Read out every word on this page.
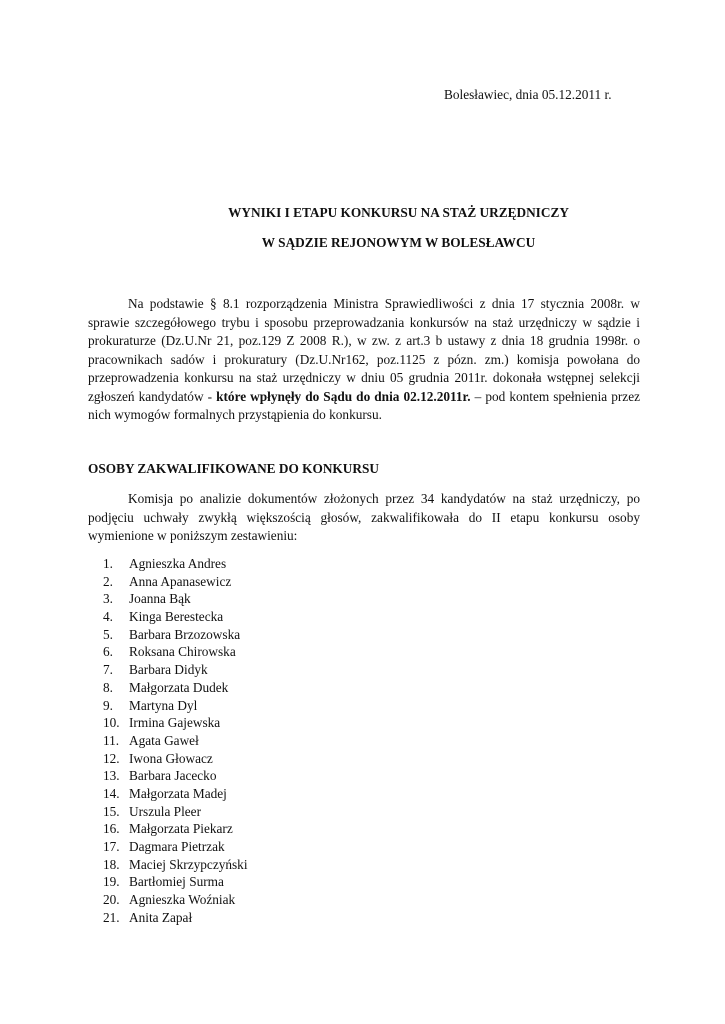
Bolesławiec, dnia 05.12.2011 r.
WYNIKI I ETAPU KONKURSU NA STAŻ URZĘDNICZY
W SĄDZIE REJONOWYM W BOLESŁAWCU
Na podstawie § 8.1 rozporządzenia Ministra Sprawiedliwości z dnia 17 stycznia 2008r. w sprawie szczegółowego trybu i sposobu przeprowadzania konkursów na staż urzędniczy w sądzie i prokuraturze (Dz.U.Nr 21, poz.129 Z 2008 R.), w zw. z art.3 b ustawy z dnia 18 grudnia 1998r. o pracownikach sadów i prokuratury (Dz.U.Nr162, poz.1125 z pózn. zm.) komisja powołana do przeprowadzenia konkursu na staż urzędniczy w dniu 05 grudnia 2011r. dokonała wstępnej selekcji zgłoszeń kandydatów - które wpłynęły do Sądu do dnia 02.12.2011r. – pod kontem spełnienia przez nich wymogów formalnych przystąpienia do konkursu.
OSOBY ZAKWALIFIKOWANE DO KONKURSU
Komisja po analizie dokumentów złożonych przez 34 kandydatów na staż urzędniczy, po podjęciu uchwały zwykłą większością głosów, zakwalifikowała do II etapu konkursu osoby wymienione w poniższym zestawieniu:
1. Agnieszka Andres
2. Anna Apanasewicz
3. Joanna Bąk
4. Kinga Berestecka
5. Barbara Brzozowska
6. Roksana Chirowska
7. Barbara Didyk
8. Małgorzata Dudek
9. Martyna Dyl
10. Irmina Gajewska
11. Agata Gaweł
12. Iwona Głowacz
13. Barbara Jacecko
14. Małgorzata Madej
15. Urszula Pleer
16. Małgorzata Piekarz
17. Dagmara Pietrzak
18. Maciej Skrzypczyński
19. Bartłomiej Surma
20. Agnieszka Woźniak
21. Anita Zapał
